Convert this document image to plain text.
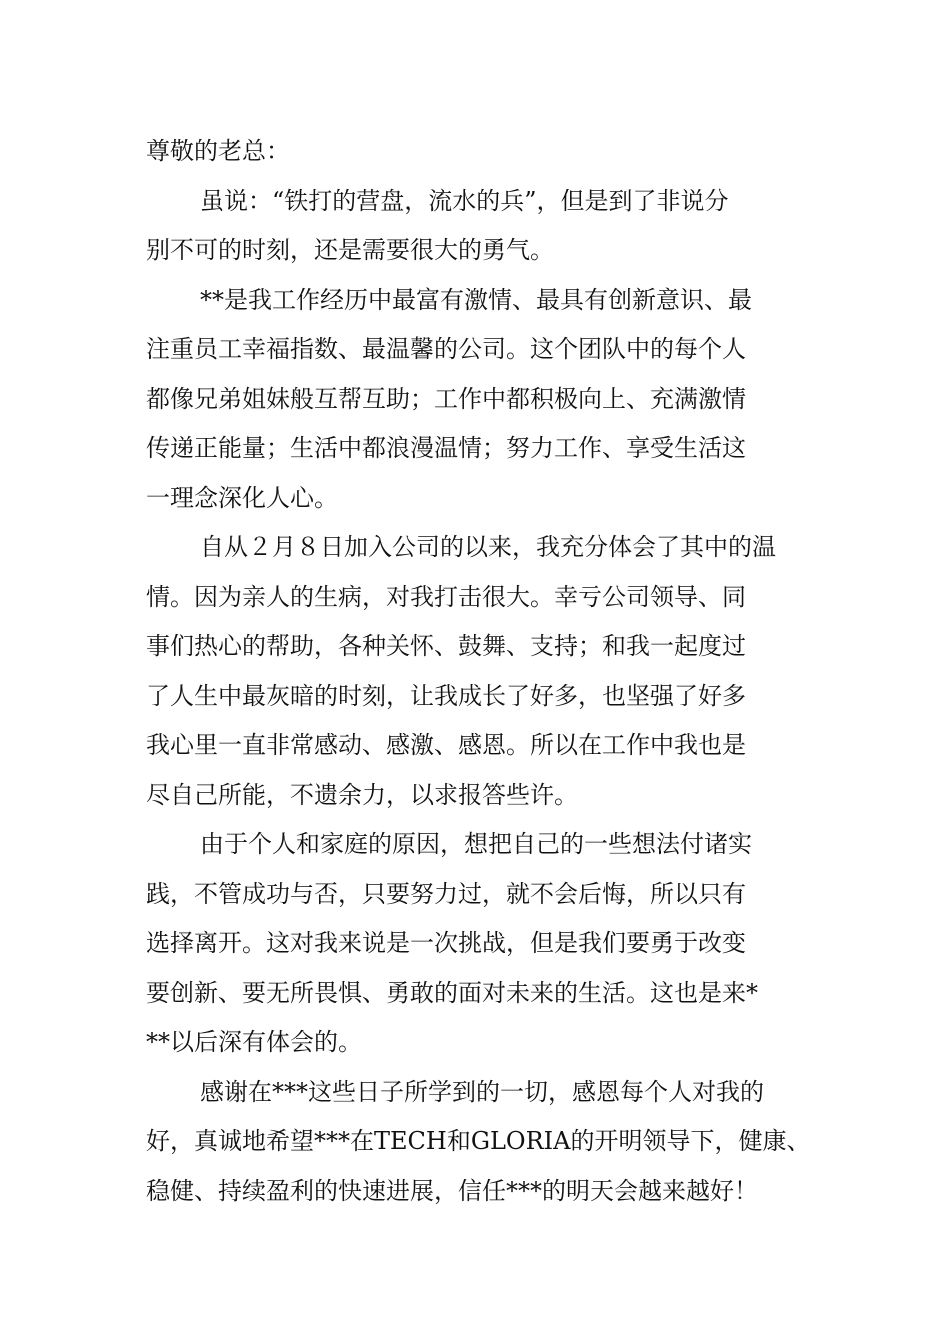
尊敬的老总：
虽说：“铁打的营盘，流水的兵”，但是到了非说分
别不可的时刻，还是需要很大的勇气。
**是我工作经历中最富有激情、最具有创新意识、最
注重员工幸福指数、最温馨的公司。这个团队中的每个人
都像兄弟姐妹般互帮互助；工作中都积极向上、充满激情
传递正能量；生活中都浪漫温情；努力工作、享受生活这
一理念深化人心。
自从２月８日加入公司的以来，我充分体会了其中的温
情。因为亲人的生病，对我打击很大。幸亏公司领导、同
事们热心的帮助，各种关怀、鼓舞、支持；和我一起度过
了人生中最灰暗的时刻，让我成长了好多，也坚强了好多
我心里一直非常感动、感激、感恩。所以在工作中我也是
尽自己所能，不遗余力，以求报答些许。
由于个人和家庭的原因，想把自己的一些想法付诸实
践，不管成功与否，只要努力过，就不会后悔，所以只有
选择离开。这对我来说是一次挑战，但是我们要勇于改变
要创新、要无所畏惧、勇敢的面对未来的生活。这也是来*
**以后深有体会的。
感谢在***这些日子所学到的一切，感恩每个人对我的
好，真诚地希望***在TECH和GLORIA的开明领导下，健康、
稳健、持续盈利的快速进展，信任***的明天会越来越好！
